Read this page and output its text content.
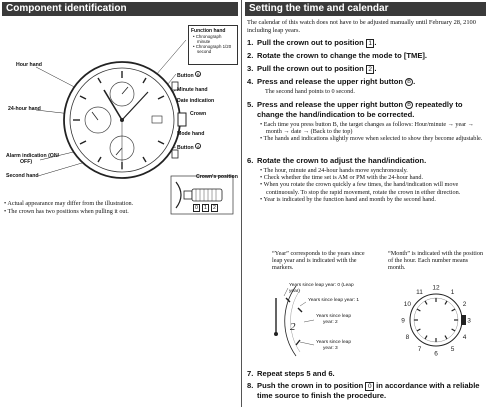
Component identification
Function hand
• Chronograph
minute
• Chronograph 1/20
second
Hour hand
24-hour hand
Alarm indication (ON/
OFF)
Second hand
Button B
Minute hand
Date indication
Crown
Mode hand
Button A
Crown's position
0	1	2
• Actual appearance may differ from the illustration.
• The crown has two positions when pulling it out.
Setting the time and calendar
The calendar of this watch does not have to be adjusted manually until February 28, 2100 including leap years.
1. Pull the crown out to position 1 .
2. Rotate the crown to change the mode to [TME].
3. Pull the crown out to position 2 .
4. Press and release the upper right button B .
The second hand points to 0 second.
5. Press and release the upper right button B repeatedly to
change the hand/indication to be corrected.
• Each time you press button B, the target changes as follows: Hour/minute → year → month → date → (Back to the top)
• The hands and indications slightly move when selected to show they become adjustable.
6. Rotate the crown to adjust the hand/indication.
• The hour, minute and 24-hour hands move synchronously.
• Check whether the time set is AM or PM with the 24-hour hand.
• When you rotate the crown quickly a few times, the hand/indication will move continuously. To stop the rapid movement, rotate the crown in either direction.
• Year is indicated by the function hand and month by the second hand.
“Year” corresponds to the years since leap year and is indicated with the markers.
2
Years since leap year: 0 (Leap
year)
Years since leap year: 1
Years since leap
year: 2
Years since leap
year: 3
“Month” is indicated with the position of the hour. Each number means month.
12
1
2
3
4
5
6
7
8
9
10
11
7. Repeat steps 5 and 6.
8. Push the crown in to position 0 in accordance with a reliable
time source to finish the procedure.
